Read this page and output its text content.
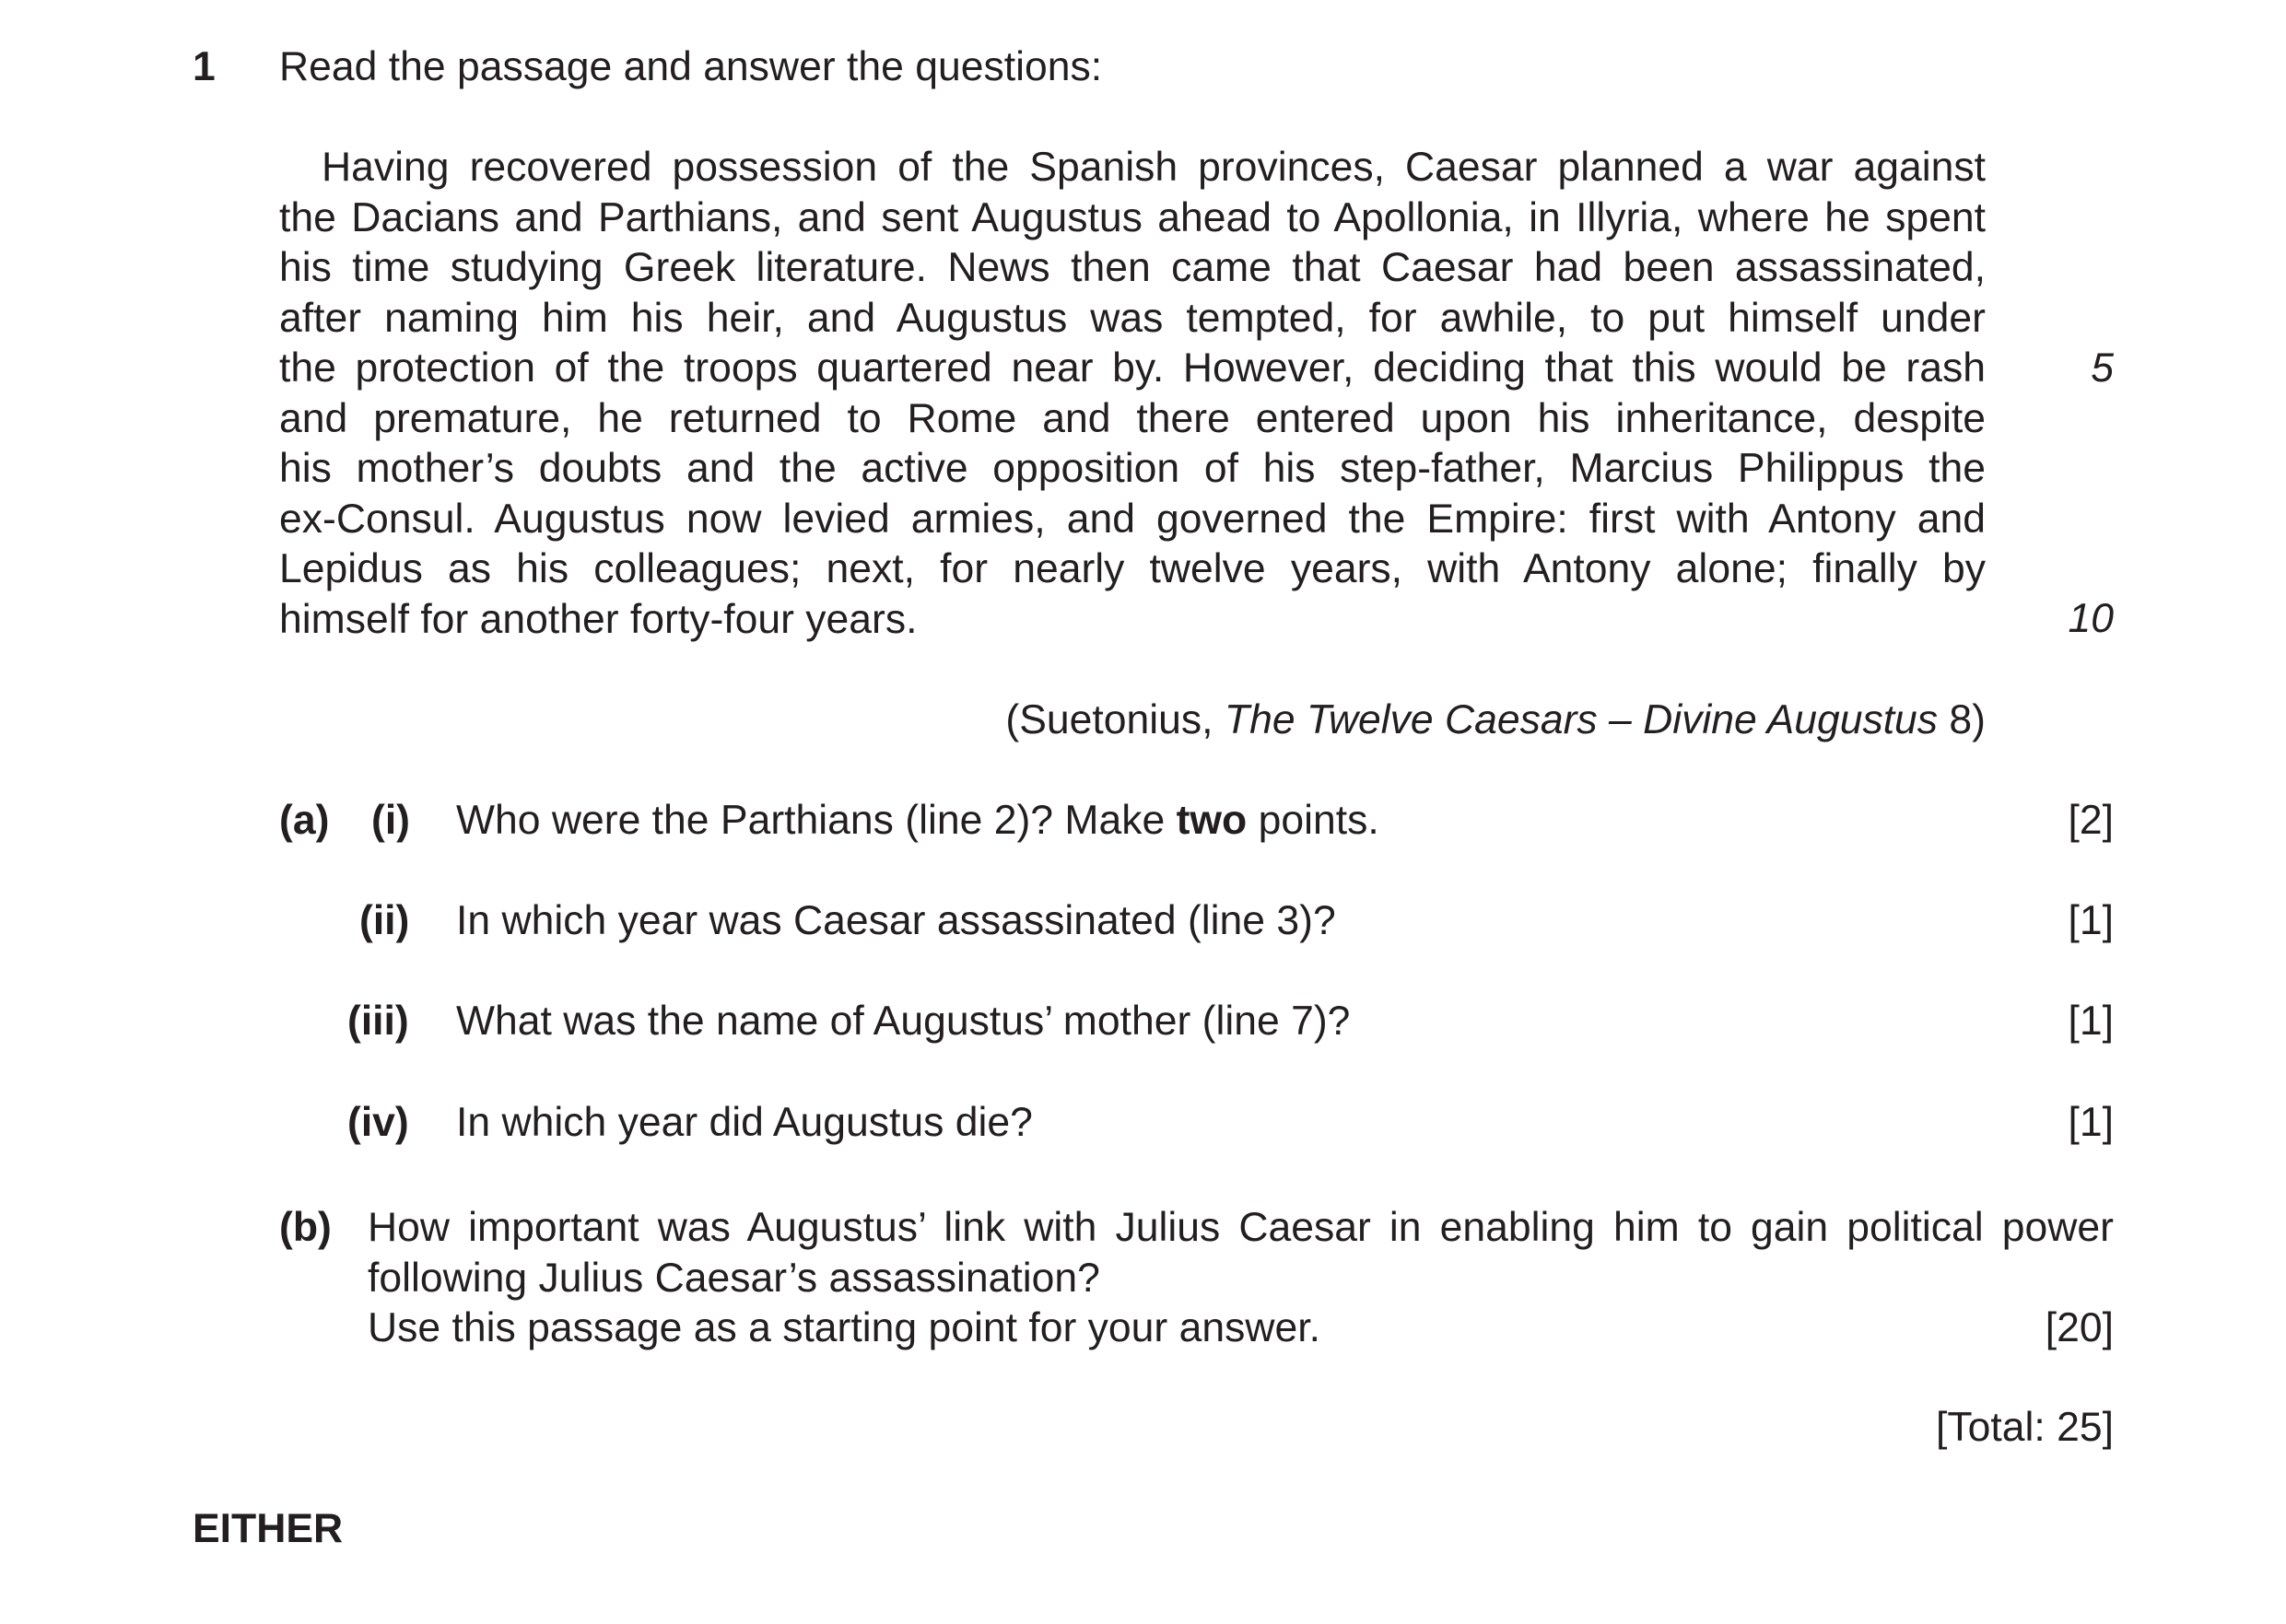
1 Read the passage and answer the questions:
Having recovered possession of the Spanish provinces, Caesar planned a war against
the Dacians and Parthians, and sent Augustus ahead to Apollonia, in Illyria, where he spent
his time studying Greek literature. News then came that Caesar had been assassinated,
after naming him his heir, and Augustus was tempted, for awhile, to put himself under
the protection of the troops quartered near by. However, deciding that this would be rash
and premature, he returned to Rome and there entered upon his inheritance, despite
his mother’s doubts and the active opposition of his step-father, Marcius Philippus the
ex-Consul. Augustus now levied armies, and governed the Empire: first with Antony and
Lepidus as his colleagues; next, for nearly twelve years, with Antony alone; finally by
himself for another forty-four years.
5
10
(Suetonius, The Twelve Caesars – Divine Augustus 8)
(a) (i) Who were the Parthians (line 2)? Make two points.	[2]
(ii) In which year was Caesar assassinated (line 3)?	[1]
(iii) What was the name of Augustus’ mother (line 7)?	[1]
(iv) In which year did Augustus die?	[1]
(b) How important was Augustus’ link with Julius Caesar in enabling him to gain political power
following Julius Caesar’s assassination?
Use this passage as a starting point for your answer.	[20]
[Total: 25]
EITHER
